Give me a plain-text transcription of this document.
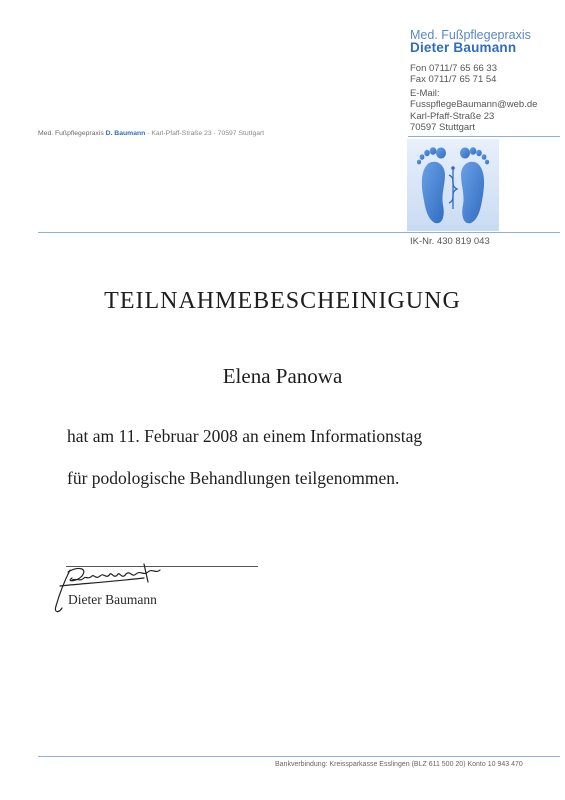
Med. Fußpflegepraxis
Dieter Baumann
Fon 0711/7 65 66 33
Fax 0711/7 65 71 54
E-Mail:
FusspflegeBaumann@web.de
Karl-Pfaff-Straße 23
70597 Stuttgart
Med. Fußpflegepraxis D. Baumann · Karl-Pfaff-Straße 23 · 70597 Stuttgart
IK-Nr. 430 819 043
TEILNAHMEBESCHEINIGUNG
Elena Panowa
hat am 11. Februar 2008 an einem Informationstag
für podologische Behandlungen teilgenommen.
Dieter Baumann
Bankverbindung: Kreissparkasse Esslingen (BLZ 611 500 20) Konto 10 943 470
